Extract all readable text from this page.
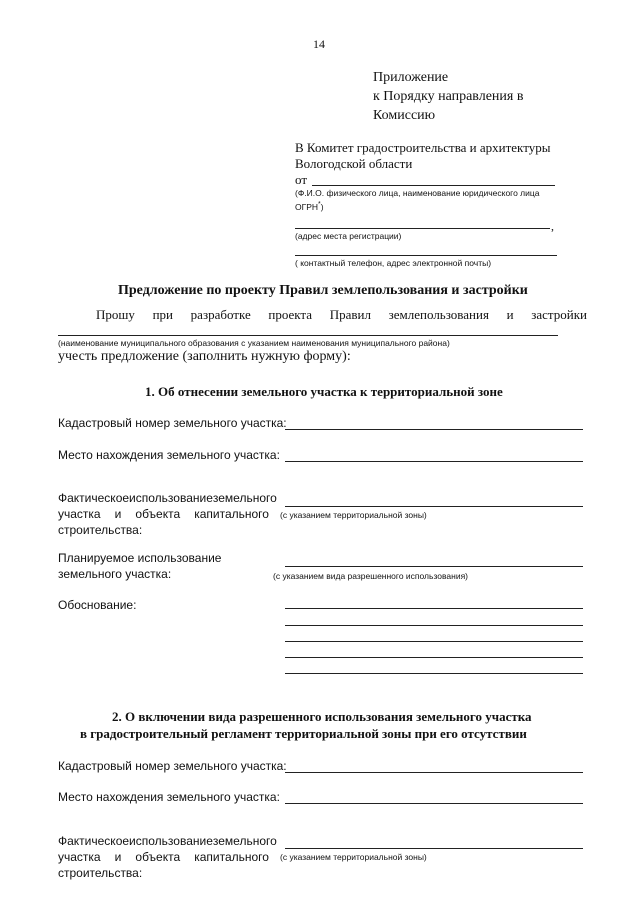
14
Приложение
к Порядку направления в
Комиссию
В Комитет градостроительства и архитектуры
Вологодской области
от
(Ф.И.О. физического лица, наименование юридического лица
ОГРН*)
,
(адрес места регистрации)
( контактный телефон, адрес электронной почты)
Предложение по проекту Правил землепользования и застройки
Прошу при разработке проекта Правил землепользования и застройки
(наименование муниципального образования с указанием наименования муниципального района)
учесть предложение (заполнить нужную форму):
1. Об отнесении земельного участка к территориальной зоне
Кадастровый номер земельного участка:
Место нахождения земельного участка:
Фактическое использование земельного
участка и объекта капитального
строительства:
(с указанием территориальной зоны)
Планируемое использование
земельного участка:	(с указанием вида разрешенного использования)
Обоснование:
2. О включении вида разрешенного использования земельного участка
в градостроительный регламент территориальной зоны при его отсутствии
Кадастровый номер земельного участка:
Место нахождения земельного участка:
Фактическое использование земельного
участка и объекта капитального
строительства:
(с указанием территориальной зоны)
